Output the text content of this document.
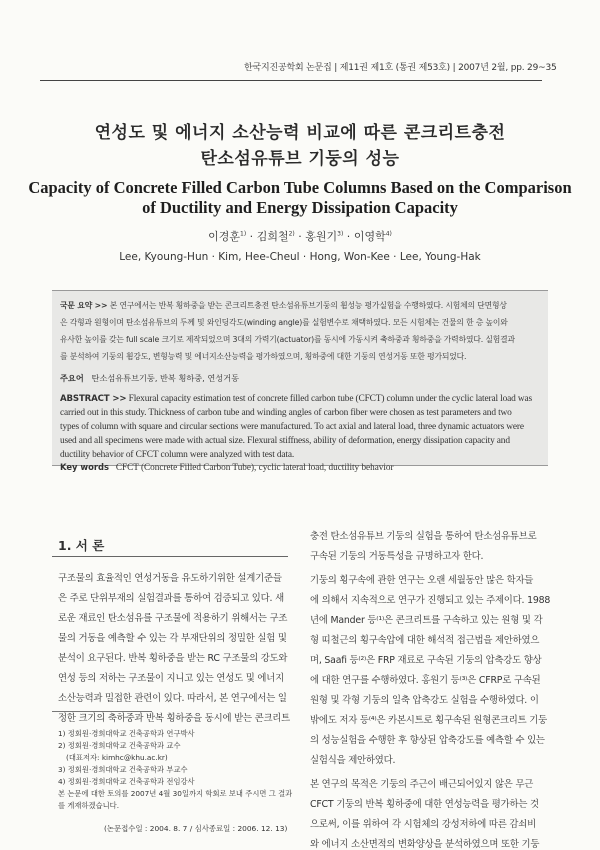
한국지진공학회 논문집 | 제11권 제1호 (통권 제53호) | 2007년 2월, pp. 29~35
연성도 및 에너지 소산능력 비교에 따른 콘크리트충전
탄소섬유튜브 기둥의 성능
Capacity of Concrete Filled Carbon Tube Columns Based on the Comparison
of Ductility and Energy Dissipation Capacity
이경훈$^{1)}$ · 김희철$^{2)}$ · 홍원기$^{3)}$ · 이영학$^{4)}$
Lee, Kyoung-Hun · Kim, Hee-Cheul · Hong, Won-Kee · Lee, Young-Hak
국문 요약 >> 본 연구에서는 반복 횡하중을 받는 콘크리트충전 탄소섬유튜브기둥의 휨성능 평가실험을 수행하였다. 시험체의 단면형상
은 각형과 원형이며 탄소섬유튜브의 두께 및 와인딩각도(winding angle)를 실험변수로 채택하였다. 모든 시험체는 건물의 한 층 높이와
유사한 높이를 갖는 full scale 크기로 제작되었으며 3대의 가력기(actuator)를 동시에 가동시켜 축하중과 횡하중을 가력하였다. 실험결과
를 분석하여 기둥의 휨강도, 변형능력 및 에너지소산능력을 평가하였으며, 횡하중에 대한 기둥의 연성거동 또한 평가되었다.
주요어 탄소섬유튜브기둥, 반복 횡하중, 연성거동
ABSTRACT >> Flexural capacity estimation test of concrete filled carbon tube (CFCT) column under the cyclic lateral load was
carried out in this study. Thickness of carbon tube and winding angles of carbon fiber were chosen as test parameters and two
types of column with square and circular sections were manufactured. To act axial and lateral load, three dynamic actuators were
used and all specimens were made with actual size. Flexural stiffness, ability of deformation, energy dissipation capacity and
ductility behavior of CFCT column were analyzed with test data.
Key words CFCT (Concrete Filled Carbon Tube), cyclic lateral load, ductility behavior
1. 서 론
구조물의 효율적인 연성거동을 유도하기위한 설계기준들
은 주로 단위부재의 실험결과를 통하여 검증되고 있다. 새
로운 재료인 탄소섬유를 구조물에 적용하기 위해서는 구조
물의 거동을 예측할 수 있는 각 부재단위의 정밀한 실험 및
분석이 요구된다. 반복 횡하중을 받는 RC 구조물의 강도와
연성 등의 저하는 구조물이 지니고 있는 연성도 및 에너지
소산능력과 밀접한 관련이 있다. 따라서, 본 연구에서는 일
정한 크기의 축하중과 반복 횡하중을 동시에 받는 콘크리트
1) 정회원·경희대학교 건축공학과 연구박사
2) 정회원·경희대학교 건축공학과 교수
(대표저자: kimhc@khu.ac.kr)
3) 정회원·경희대학교 건축공학과 부교수
4) 정회원·경희대학교 건축공학과 전임강사
본 논문에 대한 토의를 2007년 4월 30일까지 학회로 보내 주시면 그 결과
를 게재하겠습니다.
(논문접수일 : 2004. 8. 7 / 심사종료일 : 2006. 12. 13)
충전 탄소섬유튜브 기둥의 실험을 통하여 탄소섬유튜브로
구속된 기둥의 거동특성을 규명하고자 한다.
기둥의 횡구속에 관한 연구는 오랜 세월동안 많은 학자들
에 의해서 지속적으로 연구가 진행되고 있는 주제이다. 1988
년에 Mander 등⁽¹⁾은 콘크리트를 구속하고 있는 원형 및 각
형 띠철근의 횡구속압에 대한 해석적 접근법을 제안하였으
며, Saafi 등⁽²⁾은 FRP 재료로 구속된 기둥의 압축강도 향상
에 대한 연구를 수행하였다. 홍원기 등⁽³⁾은 CFRP로 구속된
원형 및 각형 기둥의 일축 압축강도 실험을 수행하였다. 이
밖에도 저자 등⁽⁴⁾은 카본시트로 횡구속된 원형콘크리트 기둥
의 성능실험을 수행한 후 향상된 압축강도를 예측할 수 있는
실험식을 제안하였다.
본 연구의 목적은 기둥의 주근이 배근되어있지 않은 무근
CFCT 기둥의 반복 횡하중에 대한 연성능력을 평가하는 것
으로써, 이를 위하여 각 시험체의 강성저하에 따른 감쇠비
와 에너지 소산면적의 변화양상을 분석하였으며 또한 기둥
